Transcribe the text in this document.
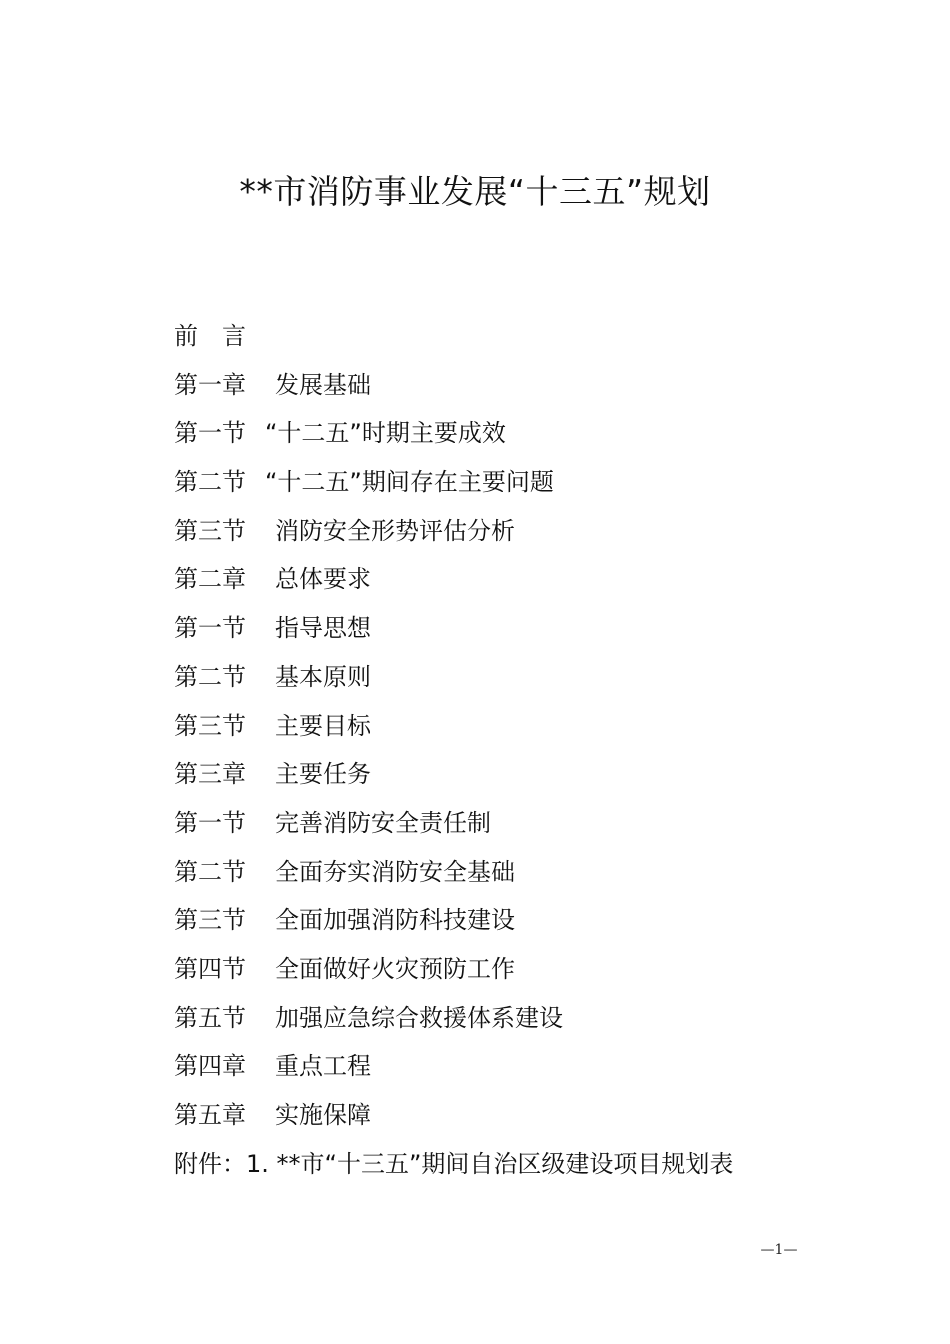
**市消防事业发展“十三五”规划
前　言
第一章 发展基础
第一节 “十二五”时期主要成效
第二节 “十二五”期间存在主要问题
第三节 消防安全形势评估分析
第二章 总体要求
第一节 指导思想
第二节 基本原则
第三节 主要目标
第三章 主要任务
第一节 完善消防安全责任制
第二节 全面夯实消防安全基础
第三节 全面加强消防科技建设
第四节 全面做好火灾预防工作
第五节 加强应急综合救援体系建设
第四章 重点工程
第五章 实施保障
附件：1. **市“十三五”期间自治区级建设项目规划表
—1—
